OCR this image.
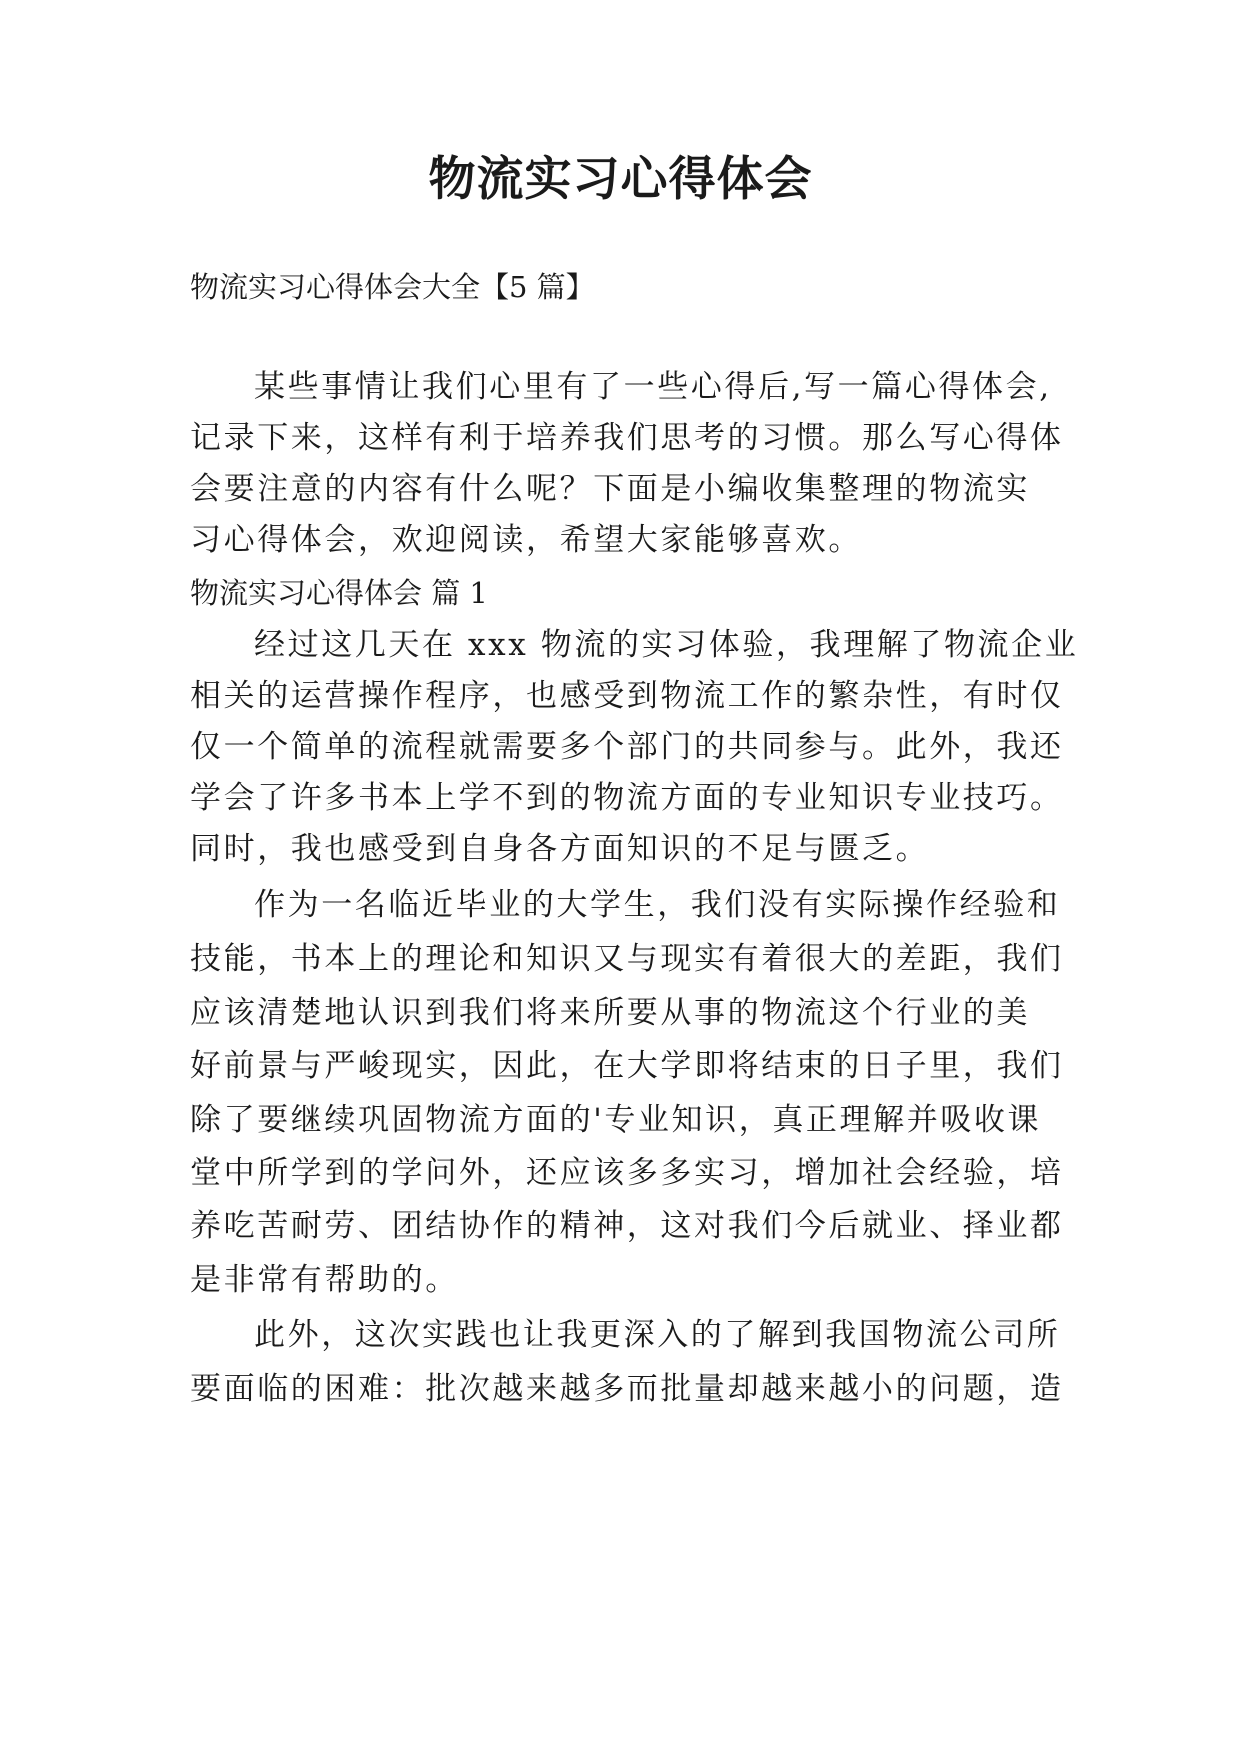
物流实习心得体会
物流实习心得体会大全【5 篇】
某些事情让我们心里有了一些心得后,写一篇心得体会,
记录下来，这样有利于培养我们思考的习惯。那么写心得体
会要注意的内容有什么呢？下面是小编收集整理的物流实
习心得体会，欢迎阅读，希望大家能够喜欢。
物流实习心得体会 篇 1
经过这几天在 xxx 物流的实习体验，我理解了物流企业
相关的运营操作程序，也感受到物流工作的繁杂性，有时仅
仅一个简单的流程就需要多个部门的共同参与。此外，我还
学会了许多书本上学不到的物流方面的专业知识专业技巧。
同时，我也感受到自身各方面知识的不足与匮乏。
作为一名临近毕业的大学生，我们没有实际操作经验和
技能，书本上的理论和知识又与现实有着很大的差距，我们
应该清楚地认识到我们将来所要从事的物流这个行业的美
好前景与严峻现实，因此，在大学即将结束的日子里，我们
除了要继续巩固物流方面的'专业知识，真正理解并吸收课
堂中所学到的学问外，还应该多多实习，增加社会经验，培
养吃苦耐劳、团结协作的精神，这对我们今后就业、择业都
是非常有帮助的。
此外，这次实践也让我更深入的了解到我国物流公司所
要面临的困难：批次越来越多而批量却越来越小的问题，造
